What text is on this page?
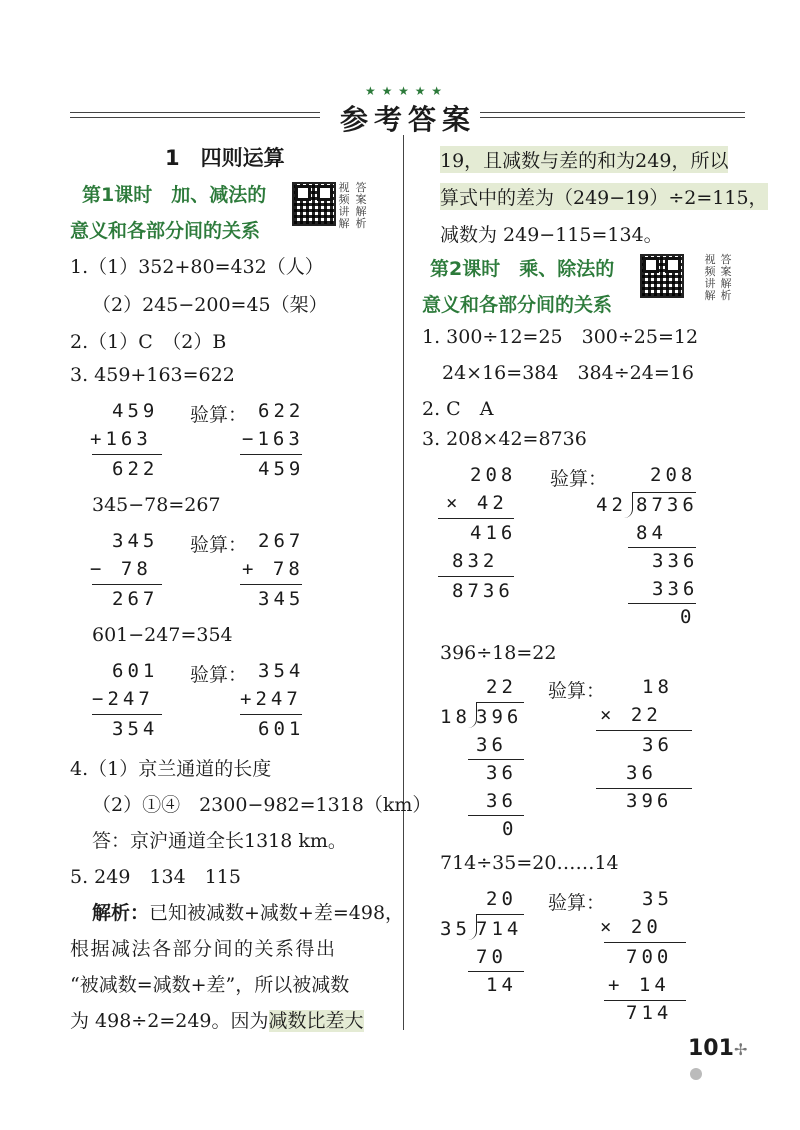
★ ★ ★ ★ ★
参考答案
1　四则运算
第1课时　加、减法的
意义和各部分间的关系
视频讲解
答案解析
1.（1）352+80=432（人）
（2）245−200=45（架）
2.（1）C　（2）B
3. 459+163=622
459
+163
622
验算： 622
−163
459
345−78=267
345
− 78
267
验算： 267
+ 78
345
601−247=354
601
−247
354
验算： 354
+247
601
4.（1）京兰通道的长度
（2）①④　2300−982=1318（km）
答：京沪通道全长1318 km。
5. 249　134　115
解析：已知被减数+减数+差=498，
根据减法各部分间的关系得出
“被减数=减数+差”，所以被减数
为 498÷2=249。因为减数比差大
19，且减数与差的和为249，所以
算式中的差为（249−19）÷2=115，
减数为 249−115=134。
第2课时　乘、除法的
意义和各部分间的关系
视频讲解
答案解析
1. 300÷12=25　300÷25=12
24×16=384　384÷24=16
2. C　A
3. 208×42=8736
208
× 42
416
832
8736
验算： 208
42 8736
84
336
336
0
396÷18=22
22
18 396
36
36
36
0
验算： 18
× 22
36
36
396
714÷35=20……14
20
35 714
70
14
验算： 35
× 20
700
+ 14
714
101 ✢
